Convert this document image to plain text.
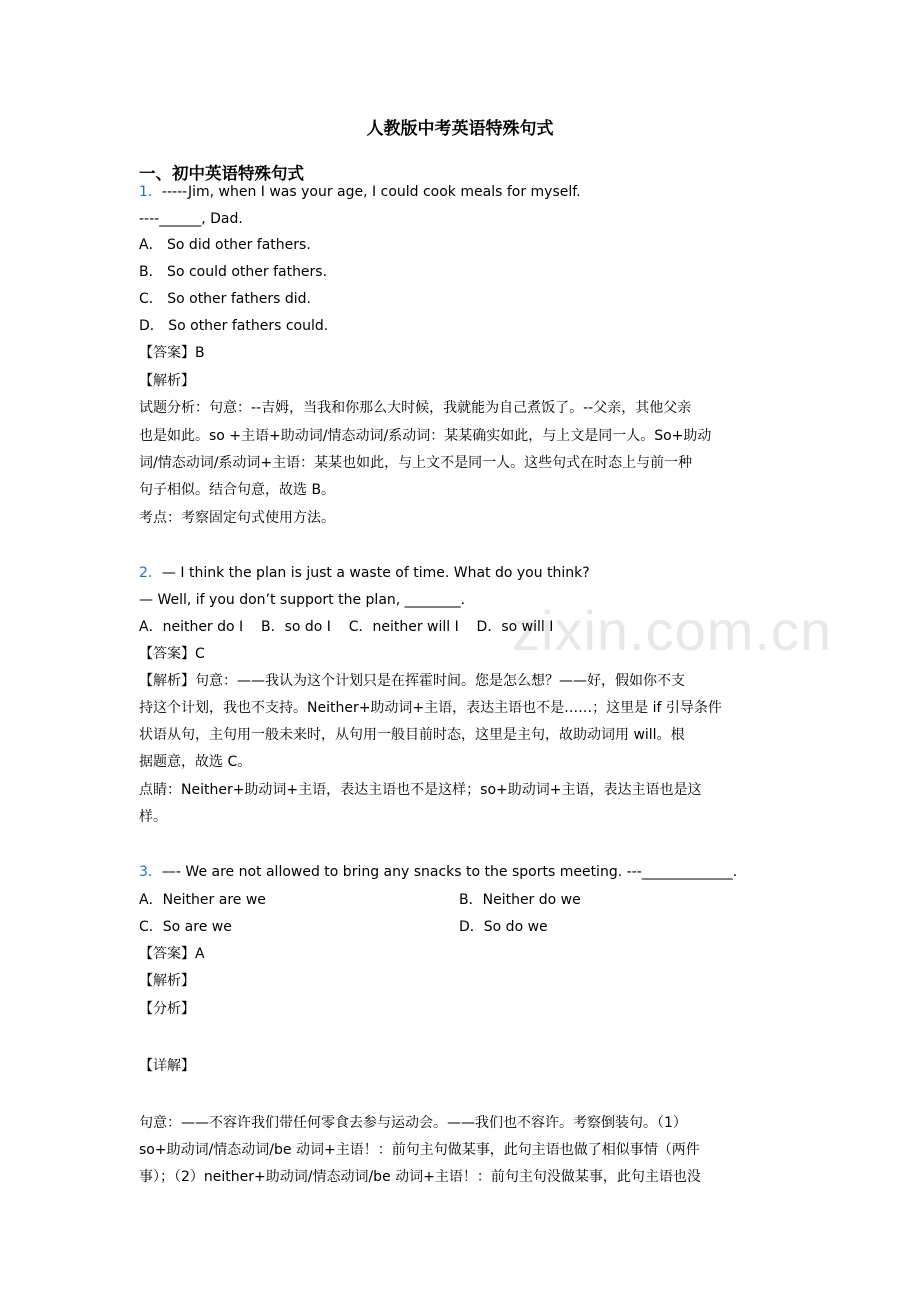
zixin.com.cn
人教版中考英语特殊句式
一、初中英语特殊句式
1．-----Jim, when I was your age, I could cook meals for myself.
----______, Dad.
A． So did other fathers.
B． So could other fathers.
C． So other fathers did.
D． So other fathers could.
【答案】B
【解析】
试题分析：句意：--吉姆，当我和你那么大时候，我就能为自己煮饭了。--父亲，其他父亲
也是如此。so +主语+助动词/情态动词/系动词：某某确实如此，与上文是同一人。So+助动
词/情态动词/系动词+主语：某某也如此，与上文不是同一人。这些句式在时态上与前一种
句子相似。结合句意，故选 B。
考点：考察固定句式使用方法。
2．— I think the plan is just a waste of time. What do you think?
— Well, if you don’t support the plan, ________.
A．neither do I    B．so do I    C．neither will I    D．so will I
【答案】C
【解析】句意：——我认为这个计划只是在挥霍时间。您是怎么想？——好，假如你不支
持这个计划，我也不支持。Neither+助动词+主语，表达主语也不是……；这里是 if 引导条件
状语从句，主句用一般未来时，从句用一般目前时态，这里是主句，故助动词用 will。根
据题意，故选 C。
点睛：Neither+助动词+主语，表达主语也不是这样；so+助动词+主语，表达主语也是这
样。
3．—- We are not allowed to bring any snacks to the sports meeting. ---_____________.
A．Neither are we	B．Neither do we
C．So are we	D．So do we
【答案】A
【解析】
【分析】
【详解】
句意：——不容许我们带任何零食去参与运动会。——我们也不容许。考察倒装句。（1）
so+助动词/情态动词/be 动词+主语！：前句主句做某事，此句主语也做了相似事情（两件
事）；（2）neither+助动词/情态动词/be 动词+主语！：前句主句没做某事，此句主语也没
